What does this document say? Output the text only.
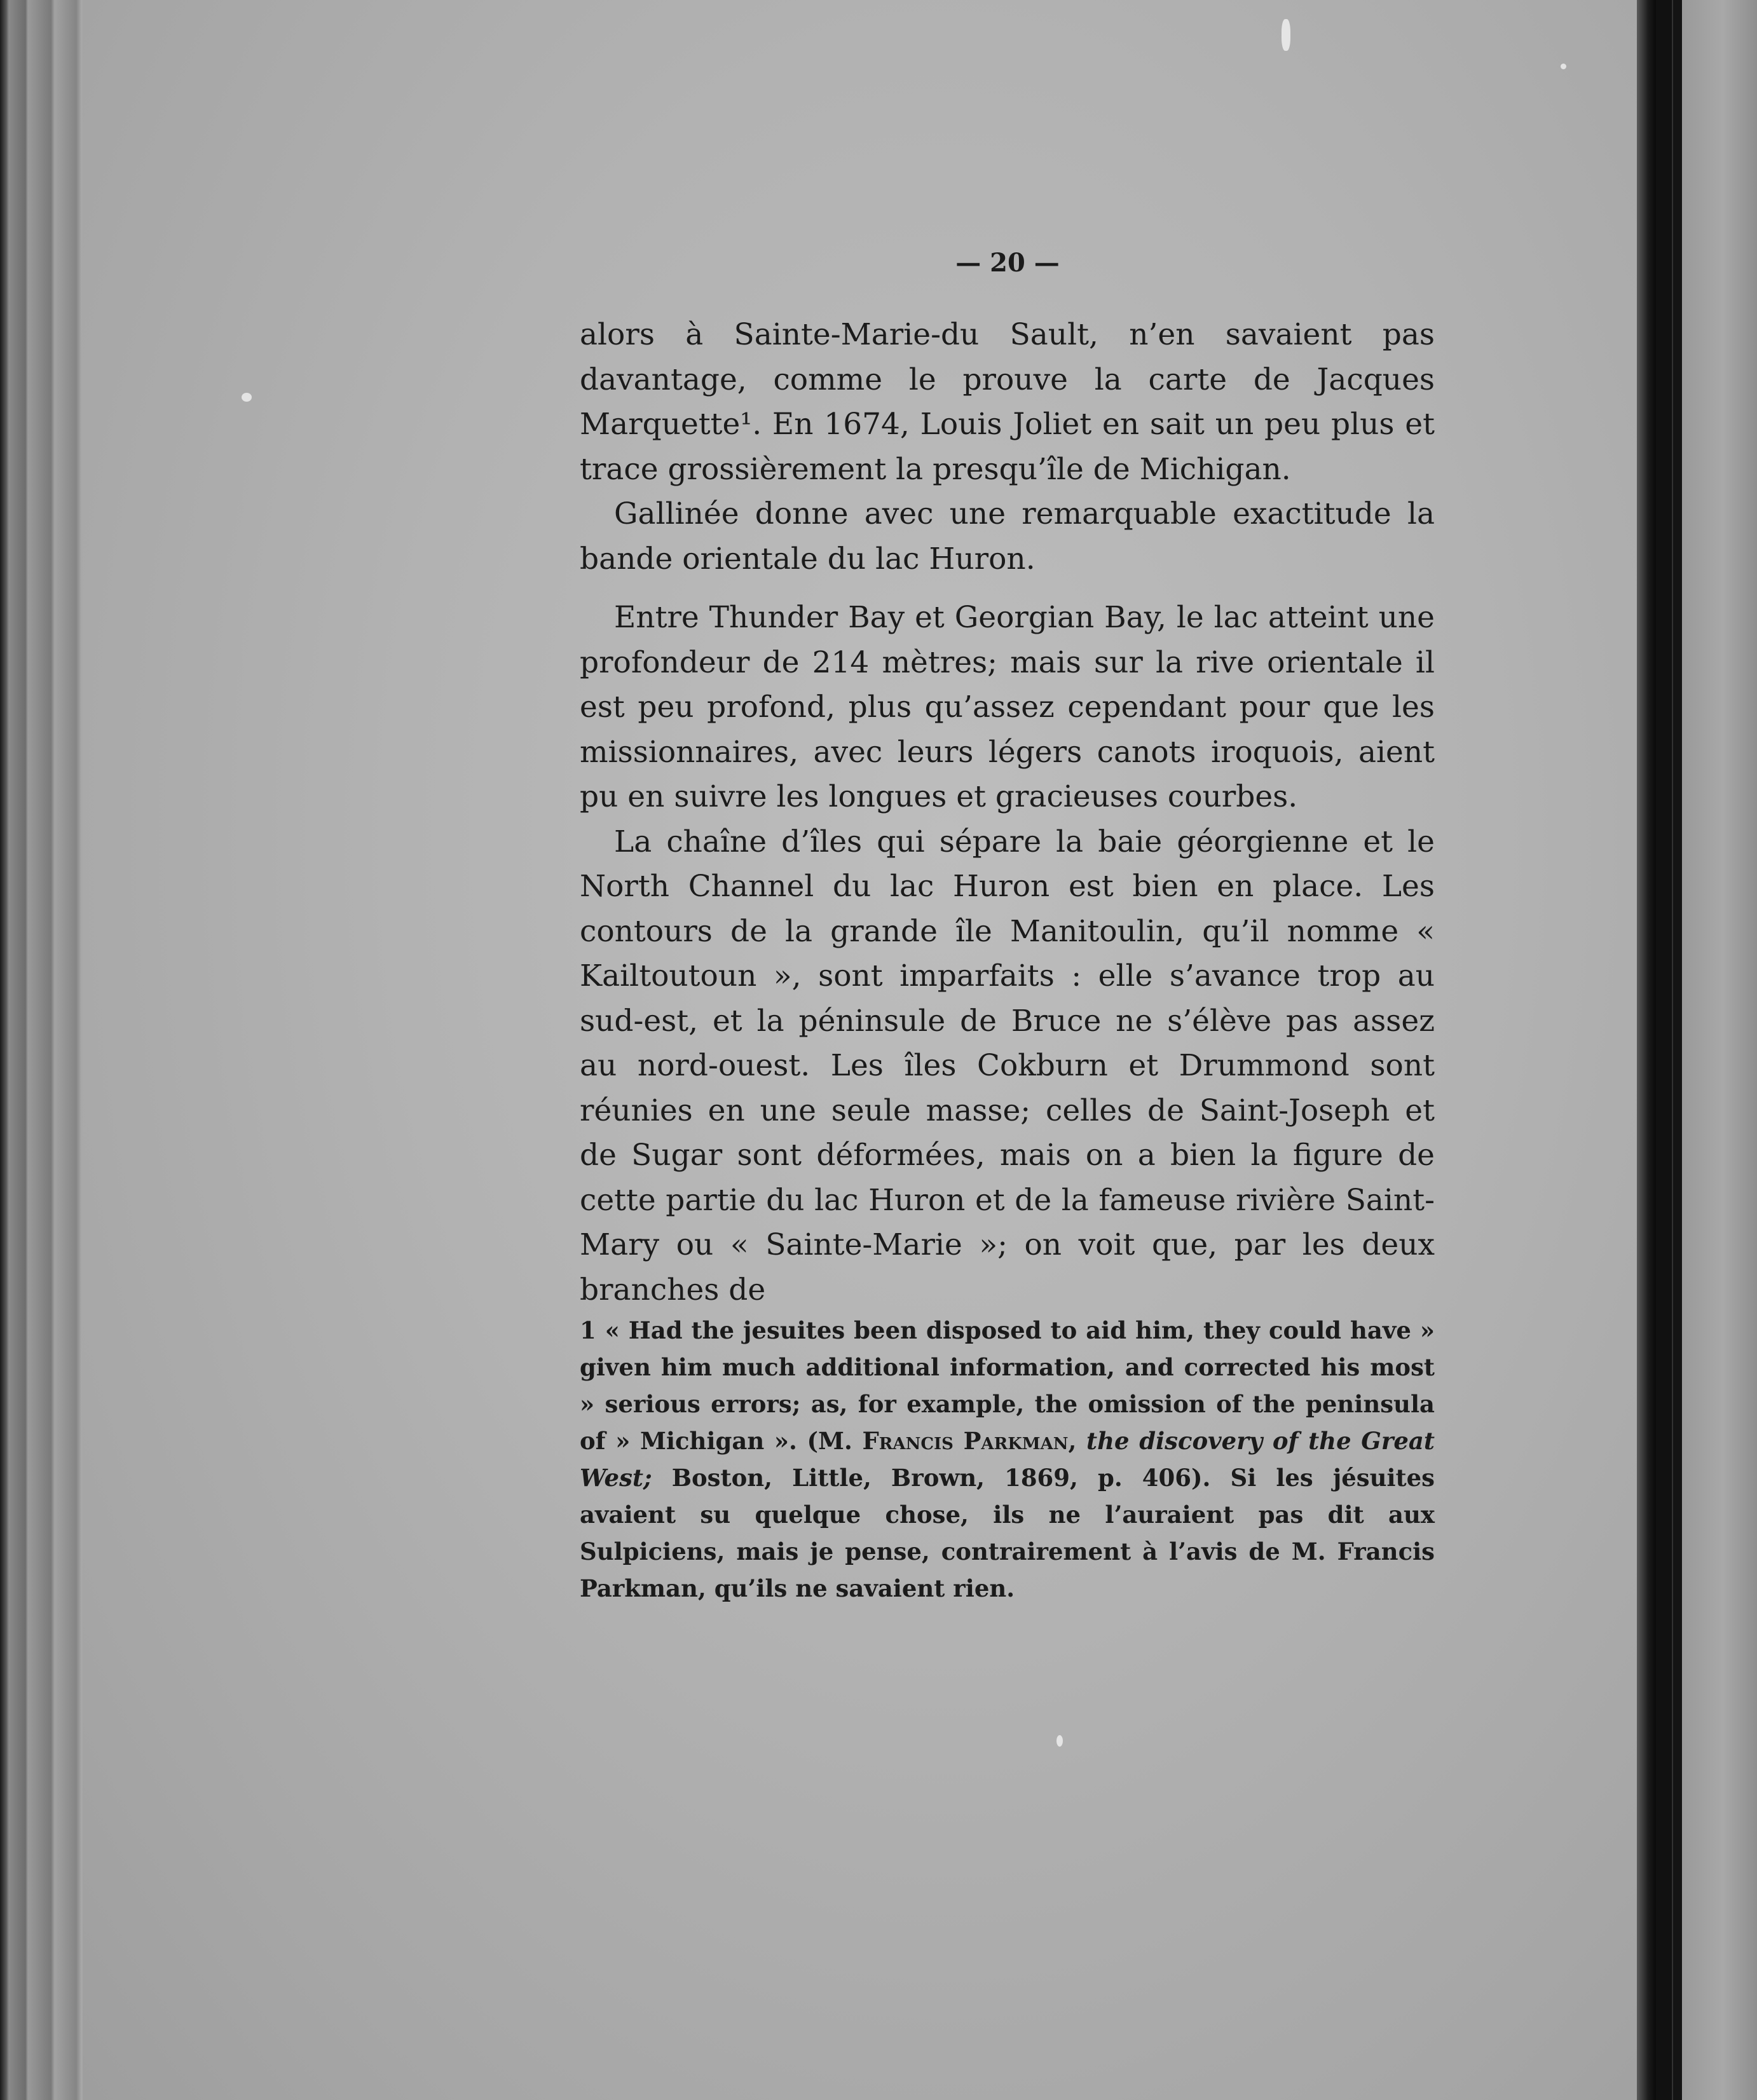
— 20 —

alors à Sainte-Marie-du Sault, n’en savaient pas davantage, comme le prouve la carte de Jacques Marquette¹. En 1674, Louis Joliet en sait un peu plus et trace grossièrement la presqu’île de Michigan.

Gallinée donne avec une remarquable exactitude la bande orientale du lac Huron.

Entre Thunder Bay et Georgian Bay, le lac atteint une profondeur de 214 mètres; mais sur la rive orientale il est peu profond, plus qu’assez cependant pour que les missionnaires, avec leurs légers canots iroquois, aient pu en suivre les longues et gracieuses courbes.

La chaîne d’îles qui sépare la baie géorgienne et le North Channel du lac Huron est bien en place. Les contours de la grande île Manitoulin, qu’il nomme « Kailtoutoun », sont imparfaits : elle s’avance trop au sud-est, et la péninsule de Bruce ne s’élève pas assez au nord-ouest. Les îles Cokburn et Drummond sont réunies en une seule masse; celles de Saint-Joseph et de Sugar sont déformées, mais on a bien la figure de cette partie du lac Huron et de la fameuse rivière Saint-Mary ou « Sainte-Marie »; on voit que, par les deux branches de

1 « Had the jesuites been disposed to aid him, they could have » given him much additional information, and corrected his most » serious errors; as, for example, the omission of the peninsula of » Michigan ». (M. Francis Parkman, the discovery of the Great West; Boston, Little, Brown, 1869, p. 406). Si les jésuites avaient su quelque chose, ils ne l’auraient pas dit aux Sulpiciens, mais je pense, contrairement à l’avis de M. Francis Parkman, qu’ils ne savaient rien.
